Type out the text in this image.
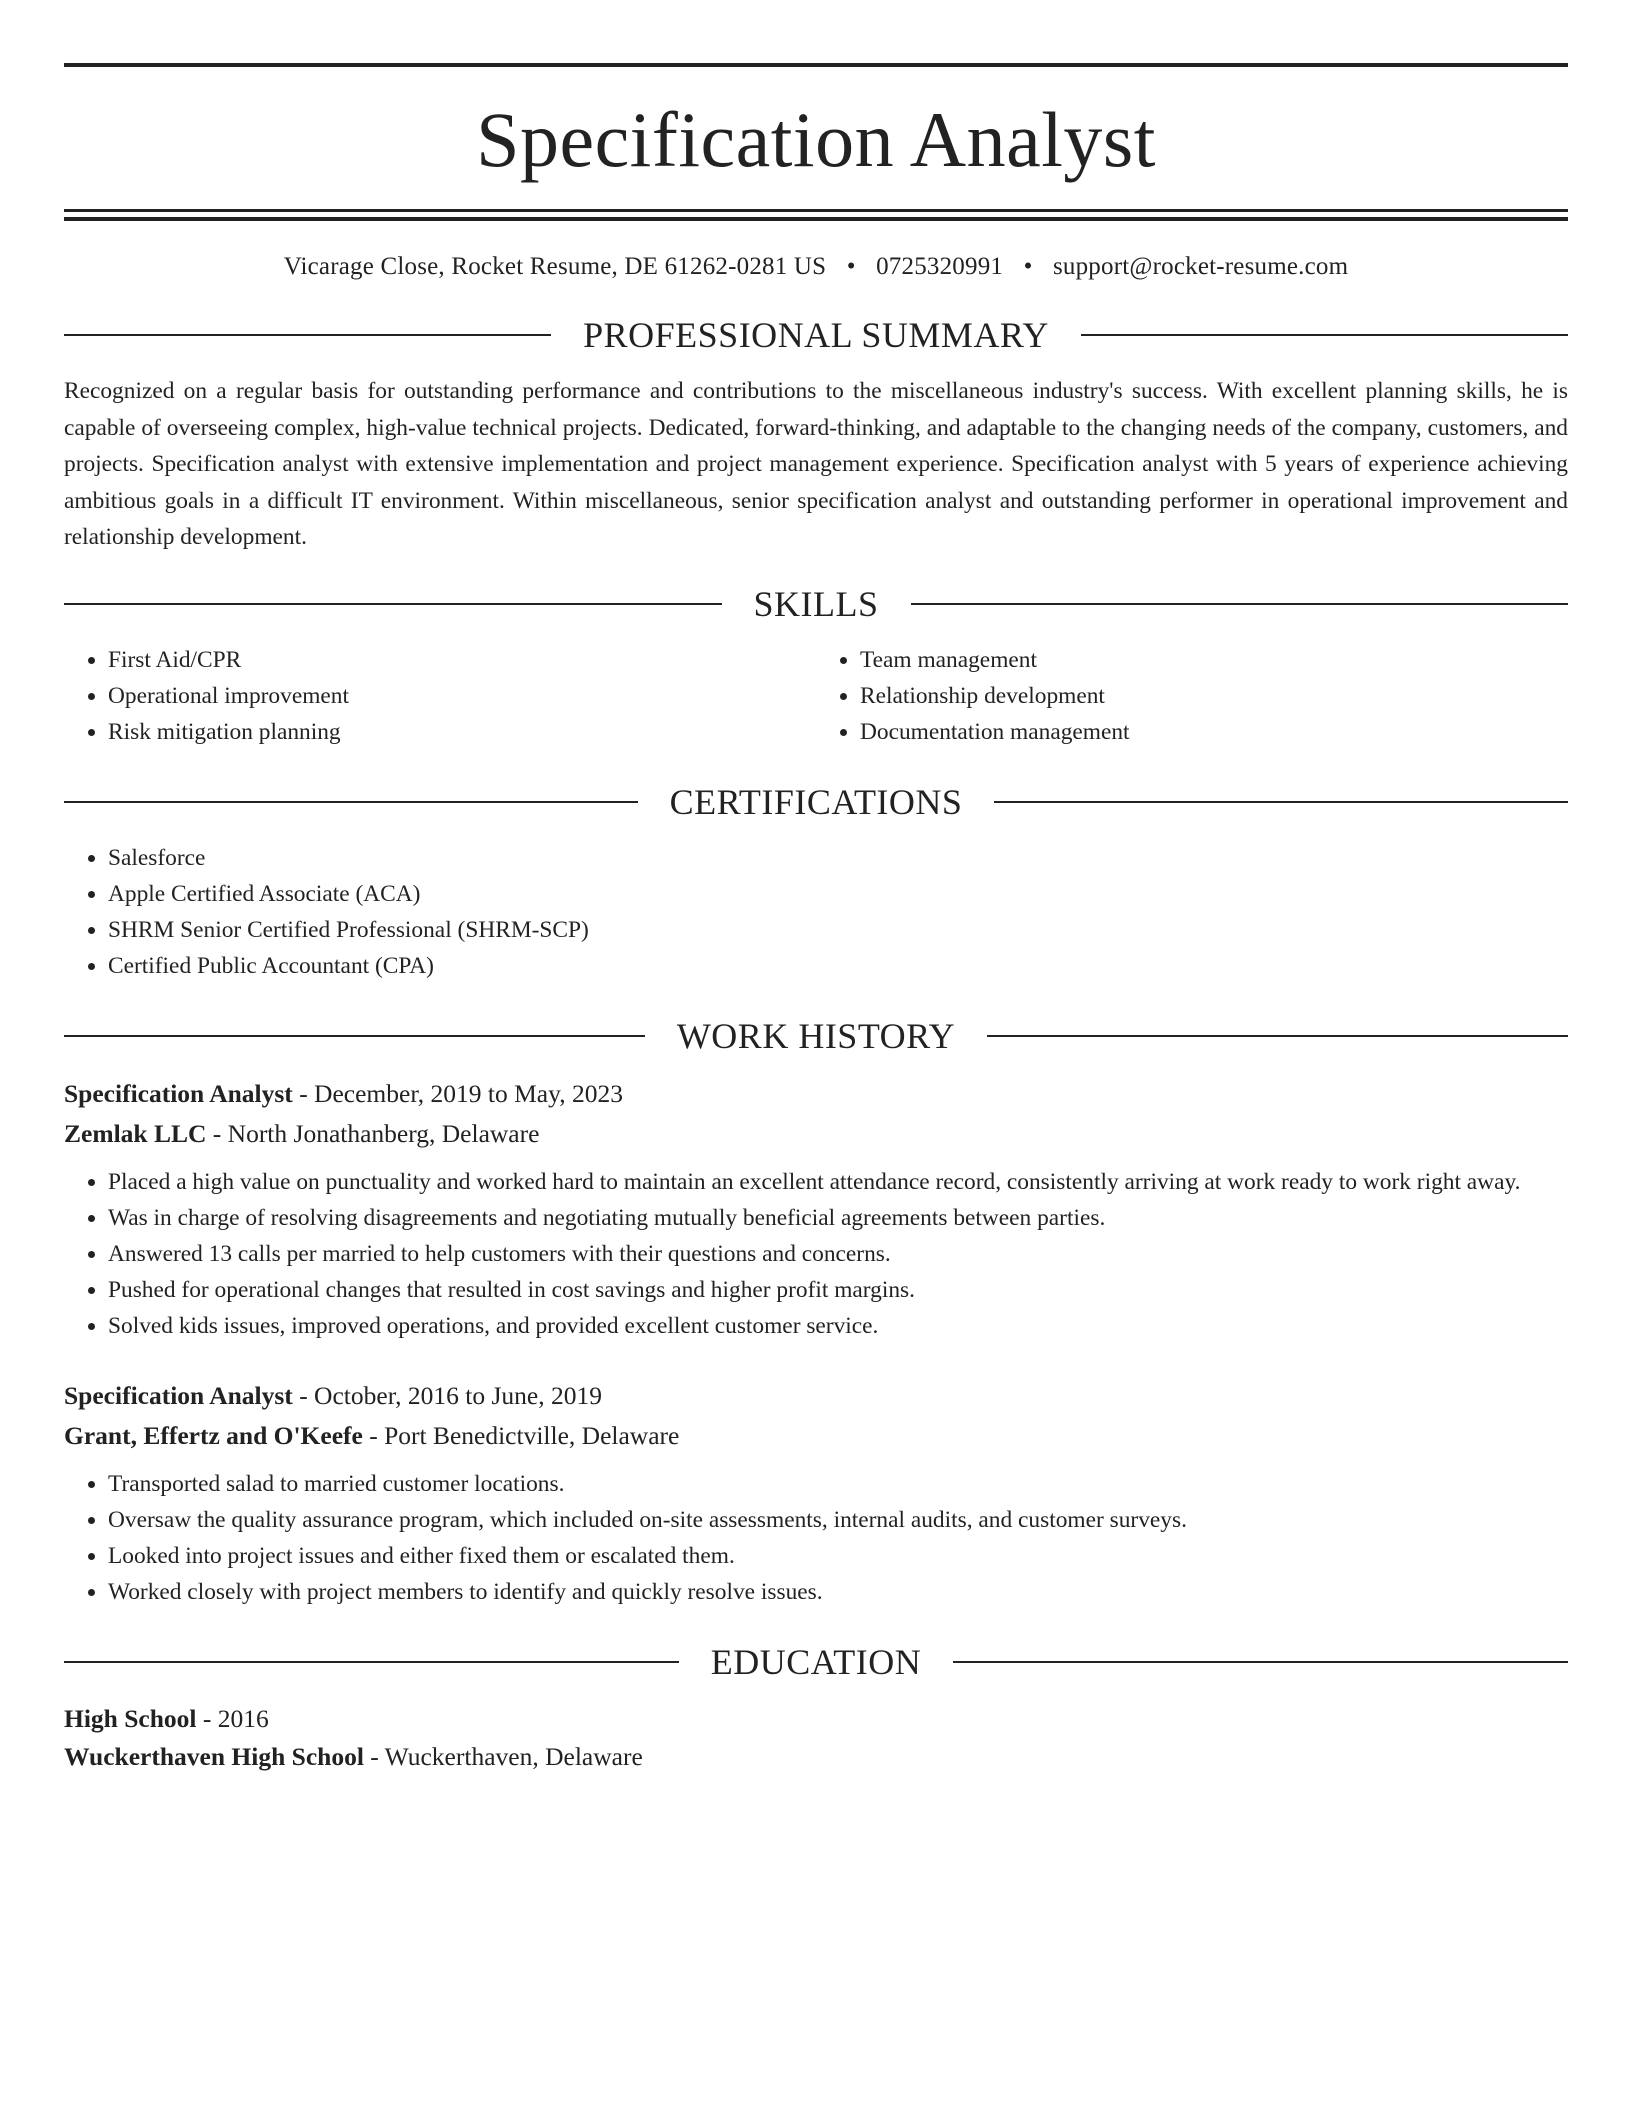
Specification Analyst
Vicarage Close, Rocket Resume, DE 61262-0281 US • 0725320991 • support@rocket-resume.com
PROFESSIONAL SUMMARY

Recognized on a regular basis for outstanding performance and contributions to the miscellaneous industry's success. With excellent planning skills, he is capable of overseeing complex, high-value technical projects. Dedicated, forward-thinking, and adaptable to the changing needs of the company, customers, and projects. Specification analyst with extensive implementation and project management experience. Specification analyst with 5 years of experience achieving ambitious goals in a difficult IT environment. Within miscellaneous, senior specification analyst and outstanding performer in operational improvement and relationship development.

SKILLS
• First Aid/CPR
• Operational improvement
• Risk mitigation planning
• Team management
• Relationship development
• Documentation management
CERTIFICATIONS
• Salesforce
• Apple Certified Associate (ACA)
• SHRM Senior Certified Professional (SHRM-SCP)
• Certified Public Accountant (CPA)
WORK HISTORY

Specification Analyst - December, 2019 to May, 2023

Zemlak LLC - North Jonathanberg, Delaware

• Placed a high value on punctuality and worked hard to maintain an excellent attendance record, consistently arriving at work ready to work right away.
• Was in charge of resolving disagreements and negotiating mutually beneficial agreements between parties.
• Answered 13 calls per married to help customers with their questions and concerns.
• Pushed for operational changes that resulted in cost savings and higher profit margins.
• Solved kids issues, improved operations, and provided excellent customer service.

Specification Analyst - October, 2016 to June, 2019

Grant, Effertz and O'Keefe - Port Benedictville, Delaware

• Transported salad to married customer locations.
• Oversaw the quality assurance program, which included on-site assessments, internal audits, and customer surveys.
• Looked into project issues and either fixed them or escalated them.
• Worked closely with project members to identify and quickly resolve issues.
EDUCATION

High School - 2016

Wuckerthaven High School - Wuckerthaven, Delaware
